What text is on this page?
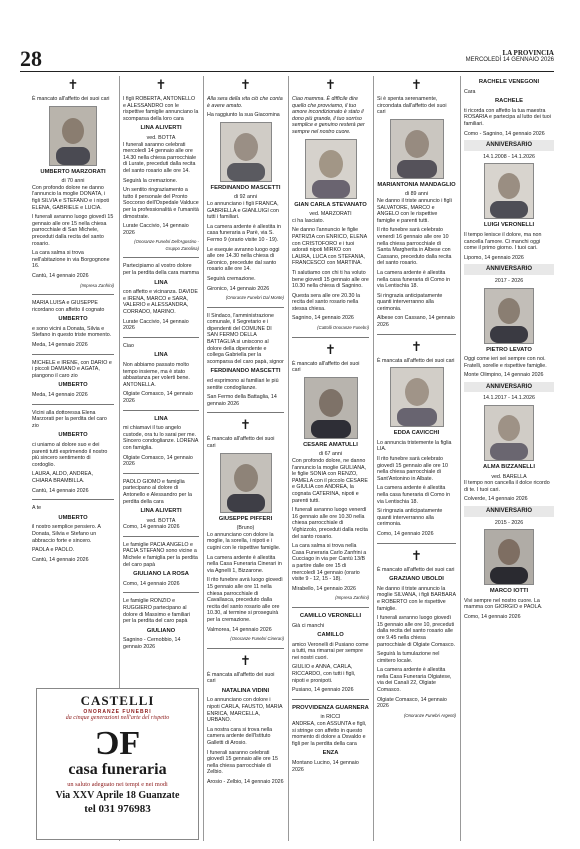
28	LA PROVINCIA
MERCOLEDÌ 14 GENNAIO 2026
✝

È mancato all'affetto dei suoi cari

UMBERTO MARZORATI
di 70 anni

Con profondo dolore ne danno l'annuncio la moglie DONATA, i figli SILVIA e STEFANO e i nipoti ELENA, GABRIELE e LUCIA.

I funerali avranno luogo giovedì 15 gennaio alle ore 15 nella chiesa parrocchiale di San Michele, preceduti dalla recita del santo rosario.

La cara salma si trova nell'abitazione in via Borgognone 16.

Cantù, 14 gennaio 2026

(Impresa Zanfrini)

MARIA LUISA e GIUSEPPE ricordano con affetto il cognato

UMBERTO

e sono vicini a Donata, Silvia e Stefano in questo triste momento.

Meda, 14 gennaio 2026

MICHELE e IRENE, con DARIO e i piccoli DAMIANO e AGATA, piangono il caro zio

UMBERTO

Meda, 14 gennaio 2026

Vicini alla dottoressa Elena Marzorati per la perdita del caro zio

UMBERTO

ci uniamo al dolore suo e dei parenti tutti esprimendo il nostro più sincero sentimento di cordoglio.

LAURA, ALDO, ANDREA, CHIARA BRAMBILLA.

Cantù, 14 gennaio 2026

A te

UMBERTO

il nostro semplice pensiero. A Donata, Silvia e Stefano un abbraccio forte e sincero.

PAOLA e PAOLO.

Cantù, 14 gennaio 2026

✝

I figli ROBERTA, ANTONELLO e ALESSANDRO con le rispettive famiglie annunciano la scomparsa della loro cara

LINA ALIVERTI
ved. BOTTA

I funerali saranno celebrati mercoledì 14 gennaio alle ore 14.30 nella chiesa parrocchiale di Lurate, preceduti dalla recita del santo rosario alle ore 14.

Seguirà la cremazione.

Un sentito ringraziamento a tutto il personale del Pronto Soccorso dell'Ospedale Valduce per la professionalità e l'umanità dimostrate.

Lurate Caccivio, 14 gennaio 2026

(Onoranze Funebri Dell'Agostino - Gruppo Zanolina)

Partecipiamo al vostro dolore per la perdita della cara mamma

LINA

con affetto e vicinanza. DAVIDE e IRENA, MARCO e SARA, VALERIO e ALESSANDRA, CORRADO, MARINO.

Lurate Caccivio, 14 gennaio 2026

Ciao

LINA

Non abbiamo passato molto tempo insieme, ma è stato abbastanza per volerti bene. ANTONELLA.

Olgiate Comasco, 14 gennaio 2026

LINA

mi chiamavi il tuo angelo custode, ora tu lo sarai per me. Sincero condoglianze. LORENA con famiglia.

Olgiate Comasco, 14 gennaio 2026

PAOLO GIOMO e famiglia partecipano al dolore di Antonello e Alessandro per la perdita della cara

LINA ALIVERTI
ved. BOTTA

Como, 14 gennaio 2026

Le famiglie PACIA ANGELO e PACIA STEFANO sono vicine a Michele e famiglia per la perdita del caro papà

GIULIANO LA ROSA

Como, 14 gennaio 2026

Le famiglie RONZIO e RUGGIERO partecipano al dolore di Massimo e familiari per la perdita del caro papà

GIULIANO

Sagnino - Cernobbio, 14 gennaio 2026

CASTELLI
ONORANZE FUNEBRI
da cinque generazioni nell'arte del rispetto
ƆF
casa funeraria
un saluto adeguato nei tempi e nei modi
Via XXV Aprile 18 Guanzate
tel 031 976983
✝

Alla sera della vita ciò che conta è avere amato.

Ha raggiunto la sua Giacomina

FERDINANDO MASCETTI
di 92 anni

Lo annunciano i figli FRANCA, GABRIELLA e GIANLUIGI con tutti i familiari.

La camera ardente è allestita in casa funeraria a Parè, via S. Fermo 9 (orario visite 10 - 19).

Le esequie avranno luogo oggi alle ore 14.30 nella chiesa di Gironico, precedute dal santo rosario alle ore 14.

Seguirà cremazione.

Gironico, 14 gennaio 2026

(Onoranze Funebri Dal Monte)

Il Sindaco, l'amministrazione comunale, il Segretario e i dipendenti del COMUNE DI SAN FERMO DELLA BATTAGLIA si uniscono al dolore della dipendente e collega Gabriella per la scomparsa del caro papà, signor

FERDINANDO MASCETTI

ed esprimono ai familiari le più sentite condoglianze.

San Fermo della Battaglia, 14 gennaio 2026

✝

È mancato all'affetto dei suoi cari

GIUSEPPE PIFFERI
(Bruno)

Lo annunciano con dolore la moglie, la sorella, i nipoti e i cugini con le rispettive famiglie.

La camera ardente è allestita nella Casa Funeraria Cinerari in via Agnelli 1, Bizzarone.

Il rito funebre avrà luogo giovedì 15 gennaio alle ore 11 nella chiesa parrocchiale di Cavallasca, preceduto dalla recita del santo rosario alle ore 10.30, al termine si proseguirà per la cremazione.

Valmorea, 14 gennaio 2026

(Onoranze Funebri Cinerari)
✝

È mancata all'affetto dei suoi cari

NATALINA VIDINI

Lo annunciano con dolore i nipoti CARLA, FAUSTO, MARIA ENRICA, MARCELLA, URBANO.

La nostra cara si trova nella camera ardente dell'Istituto Galletti di Arosio.

I funerali saranno celebrati giovedì 15 gennaio alle ore 15 nella chiesa parrocchiale di Zelbio.

Arosio - Zelbio, 14 gennaio 2026

✝

Ciao mamma. È difficile dire quello che provviamo, il tuo amore incondizionato è stato il dono più grande, il tuo sorriso semplice e genuino resterà per sempre nel nostro cuore.

GIAN CARLA STEVANATO
ved. MARZORATI

ci ha lasciato.

Ne danno l'annuncio le figlie PATRIZIA con ENRICO, ELENA con CRISTOFORO e i tuoi adorati nipoti MIRKO con LAURA, LUCA con STEFANIA, FRANCESCO con MARTINA.

Ti salutiamo con chi ti ha voluto bene giovedì 15 gennaio alle ore 10.30 nella chiesa di Sagnino.

Questa sera alle ore 20.30 la recita del santo rosario nella stessa chiesa.

Sagnino, 14 gennaio 2026

(Cattolli Onoranze Funebri)
✝

È mancato all'affetto dei suoi cari

CESARE AMATULLI
di 67 anni

Con profondo dolore, ne danno l'annuncio la moglie GIULIANA, le figlie SONIA con RENZO, PAMELA con il piccolo CESARE e GIULIA con ANDREA, la cognata CATERINA, nipoti e parenti tutti.

I funerali avranno luogo venerdì 16 gennaio alle ore 10.30 nella chiesa parrocchiale di Vighizzolo, preceduti dalla recita del santo rosario.

La cara salma si trova nella Casa Funeraria Carlo Zanfrini a Cucciago in via per Cantù 13/B a partire dalle ore 15 di mercoledì 14 gennaio (orario visite 9 - 12, 15 - 18).

Mirabello, 14 gennaio 2026

(Impresa Zanfrini)
CAMILLO VERONELLI

Già ci manchi

CAMILLO

amico Veronelli di Pusiano come a tutti, ma rimarrai per sempre nei nostri cuori.

GIULIO e ANNA, CARLA, RICCARDO, con tutti i figli, nipoti e pronipoti.

Pusiano, 14 gennaio 2026

PROVVIDENZA GUARNERA
in RICCI

ANDREA, con ASSUNTA e figli, si stringe con affetto in questo momento di dolore a Osvaldo e figli per la perdita della cara

ENZA

Montano Lucino, 14 gennaio 2026

✝

Si è spenta serenamente, circondata dall'affetto dei suoi cari

MARIANTONIA MANDAGLIO
di 89 anni

Ne danno il triste annuncio i figli SALVATORE, MARCO e ANGELO con le rispettive famiglie e parenti tutti.

Il rito funebre sarà celebrato venerdì 16 gennaio alle ore 10 nella chiesa parrocchiale di Santa Margherita in Albese con Cassano, preceduto dalla recita del santo rosario.

La camera ardente è allestita nella casa funeraria di Como in via Lentischia 18.

Si ringrazia anticipatamente quanti interverranno alla cerimonia.

Albese con Cassano, 14 gennaio 2026

✝

È mancata all'affetto dei suoi cari

EDDA CAVICCHI

Lo annuncia tristemente la figlia LIA.

Il rito funebre sarà celebrato giovedì 15 gennaio alle ore 10 nella chiesa parrocchiale di Sant'Antonino in Albate.

La camera ardente è allestita nella casa funeraria di Como in via Lentischia 18.

Si ringrazia anticipatamente quanti interverranno alla cerimonia.

Como, 14 gennaio 2026

✝

È mancato all'affetto dei suoi cari

GRAZIANO UBOLDI

Ne danno il triste annuncio la moglie SILVANA, i figli BARBARA e ROBERTO con le rispettive famiglie.

I funerali avranno luogo giovedì 15 gennaio alle ore 10, preceduti dalla recita del santo rosario alle ore 9.45 nella chiesa parrocchiale di Olgiate Comasco.

Seguirà la tumulazione nel cimitero locale.

La camera ardente è allestita nella Casa Funeraria Olgiatese, via dei Canali 22, Olgiate Comasco.

Olgiate Comasco, 14 gennaio 2026

(Onoranze Funebri Argenti)
RACHELE VENEGONI

Cara

RACHELE

ti ricorda con affetto la tua maestra ROSARIA e partecipa al lutto dei tuoi familiari.

Como - Sagnino, 14 gennaio 2026

ANNIVERSARIO
14.1.2008 - 14.1.2026
LUIGI VERONELLI

Il tempo lenisce il dolore, ma non cancella l'amore. Ci manchi oggi come il primo giorno. I tuoi cari.

Lipomo, 14 gennaio 2026

ANNIVERSARIO
2017 - 2026
PIETRO LEVATO

Oggi come ieri sei sempre con noi. Fratelli, sorelle e rispettive famiglie.

Monte Olimpino, 14 gennaio 2026

ANNIVERSARIO
14.1.2017 - 14.1.2026
ALMA BIZZANELLI
ved. BARELLA

Il tempo non cancella il dolce ricordo di te. I tuoi cari.

Colverde, 14 gennaio 2026

ANNIVERSARIO
2015 - 2026
MARCO IOTTI

Vivi sempre nel nostro cuore. La mamma con GIORGIO e PAOLA.

Como, 14 gennaio 2026
